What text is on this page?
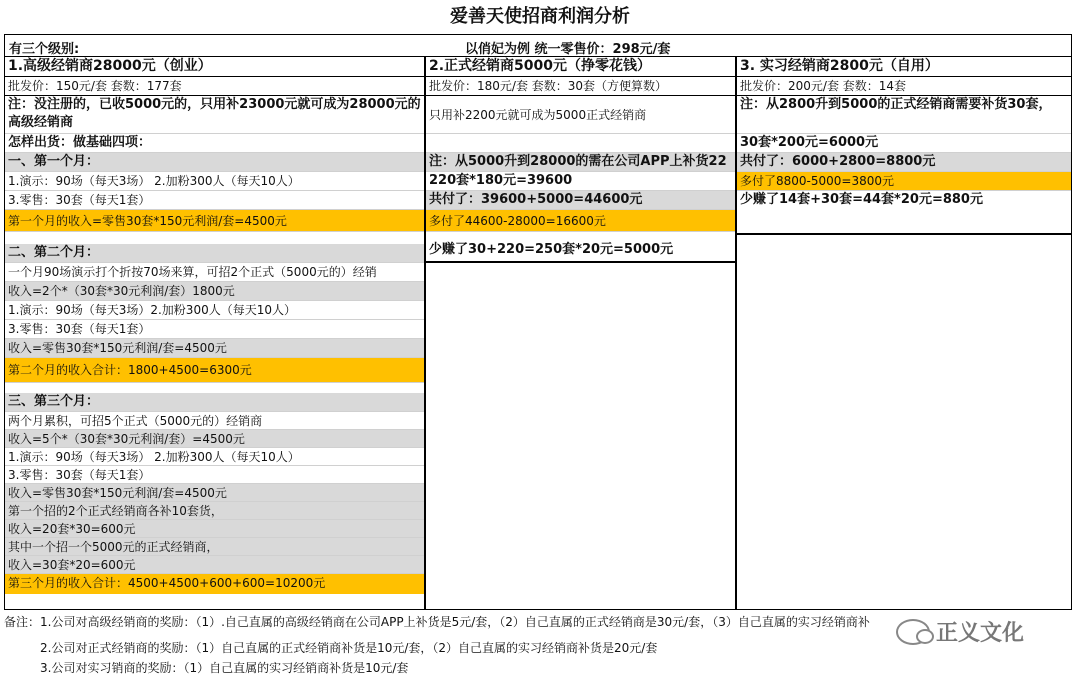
爱善天使招商利润分析
有三个级别:	以俏妃为例 统一零售价：298元/套
1.高级经销商28000元（创业）
批发价：150元/套 套数：177套
注：没注册的，已收5000元的，只用补23000元就可成为28000元的高级经销商
怎样出货：做基础四项：
一、第一个月：
1.演示：90场（每天3场） 2.加粉300人（每天10人）
3.零售：30套（每天1套）
第一个月的收入=零售30套*150元利润/套=4500元
二、第二个月：
一个月90场演示打个折按70场来算，可招2个正式（5000元的）经销
收入=2个*（30套*30元利润/套）1800元
1.演示：90场（每天3场）2.加粉300人（每天10人）
3.零售：30套（每天1套）
收入=零售30套*150元利润/套=4500元
第二个月的收入合计：1800+4500=6300元
三、第三个月：
两个月累积，可招5个正式（5000元的）经销商
收入=5个*（30套*30元利润/套）=4500元
1.演示：90场（每天3场） 2.加粉300人（每天10人）
3.零售：30套（每天1套）
收入=零售30套*150元利润/套=4500元
第一个招的2个正式经销商各补10套货，
收入=20套*30=600元
其中一个招一个5000元的正式经销商，
收入=30套*20=600元
第三个月的收入合计：4500+4500+600+600=10200元
2.正式经销商5000元（挣零花钱）
批发价：180元/套 套数：30套（方便算数）
只用补2200元就可成为5000正式经销商
注：从5000升到28000的需在公司APP上补货22
220套*180元=39600
共付了：39600+5000=44600元
多付了44600-28000=16600元
少赚了30+220=250套*20元=5000元
3. 实习经销商2800元（自用）
批发价：200元/套 套数：14套
注：从2800升到5000的正式经销商需要补货30套，
30套*200元=6000元
共付了：6000+2800=8800元
多付了8800-5000=3800元
少赚了14套+30套=44套*20元=880元
备注：1.公司对高级经销商的奖励：（1）.自己直属的高级经销商在公司APP上补货是5元/套，（2）自己直属的正式经销商是30元/套，（3）自己直属的实习经销商补
2.公司对正式经销商的奖励：（1）自己直属的正式经销商补货是10元/套，（2）自己直属的实习经销商补货是20元/套
3.公司对实习销商的奖励：（1）自己直属的实习经销商补货是10元/套
正义文化
